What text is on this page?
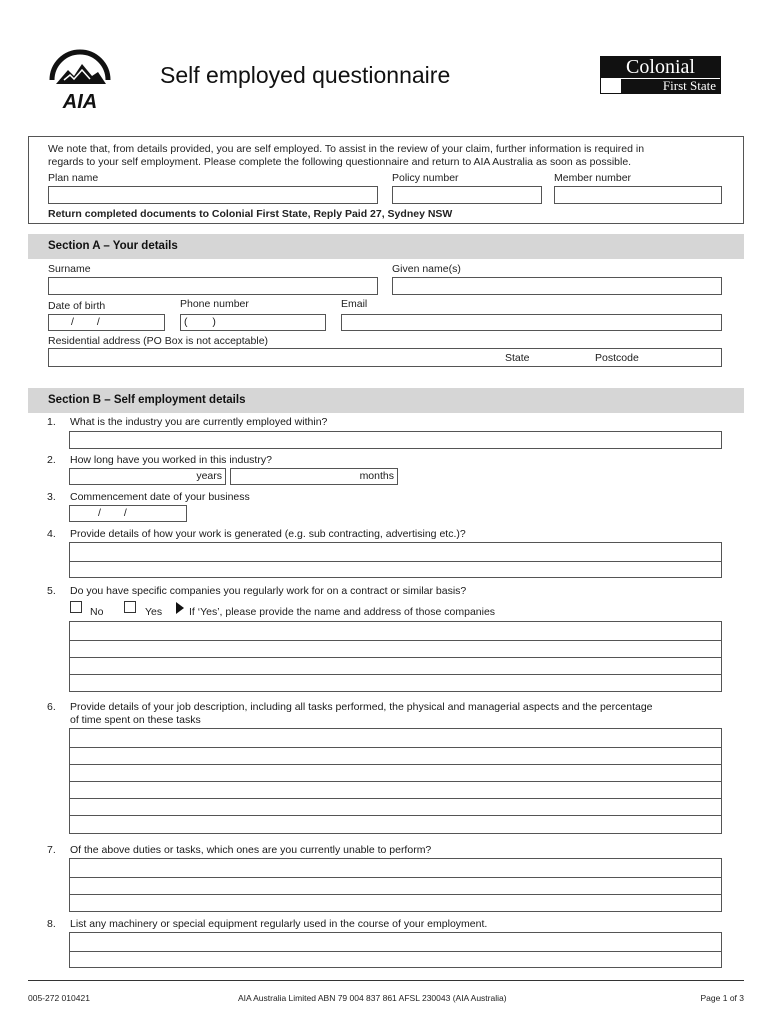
AIA
Self employed questionnaire	Colonial
First State
We note that, from details provided, you are self employed. To assist in the review of your claim, further information is required in
regards to your self employment. Please complete the following questionnaire and return to AIA Australia as soon as possible.
Plan name	Policy number	Member number
Return completed documents to Colonial First State, Reply Paid 27, Sydney NSW
Section A – Your details
Surname	Given name(s)
Date of birth	Phone number	Email
/ /	( )
Residential address (PO Box is not acceptable)
State	Postcode
Section B – Self employment details
1. What is the industry you are currently employed within?
2. How long have you worked in this industry?
years	months
3. Commencement date of your business
/ /
4. Provide details of how your work is generated (e.g. sub contracting, advertising etc.)?
5. Do you have specific companies you regularly work for on a contract or similar basis?
No	Yes	If ‘Yes’, please provide the name and address of those companies
6. Provide details of your job description, including all tasks performed, the physical and managerial aspects and the percentage
of time spent on these tasks
7. Of the above duties or tasks, which ones are you currently unable to perform?
8. List any machinery or special equipment regularly used in the course of your employment.
005-272 010421	AIA Australia Limited ABN 79 004 837 861 AFSL 230043 (AIA Australia)	Page 1 of 3
